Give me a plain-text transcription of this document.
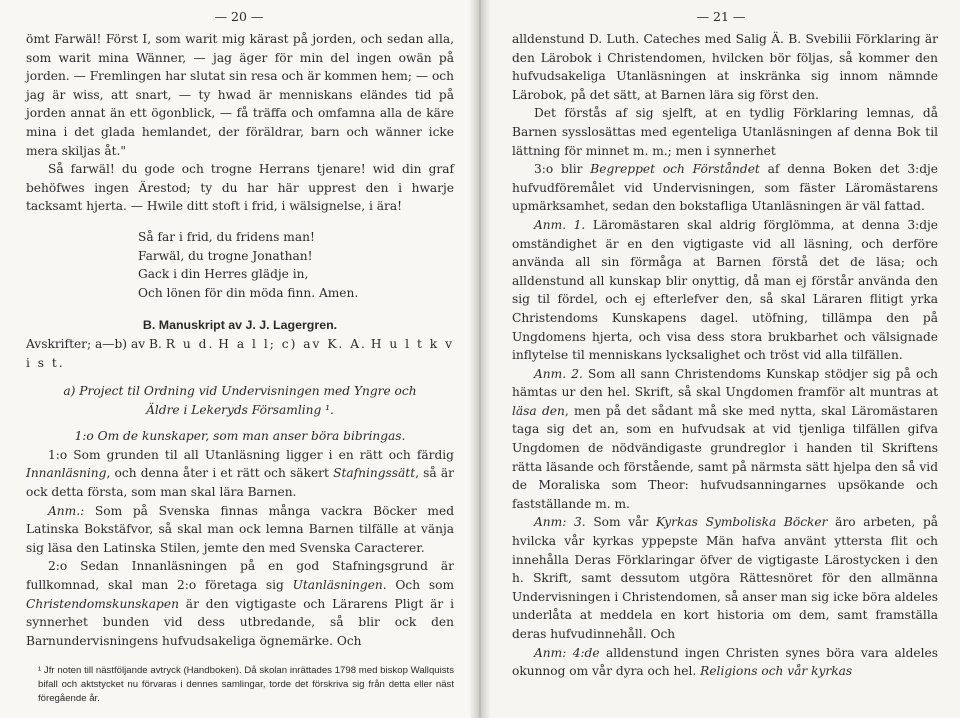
— 20 —

ömt Farwäl! Först I, som warit mig kärast på jorden, och sedan alla, som warit mina Wänner, — jag äger för min del ingen owän på jorden. — Fremlingen har slutat sin resa och är kommen hem; — och jag är wiss, att snart, — ty hwad är menniskans eländes tid på jorden annat än ett ögonblick, — få träffa och omfamna alla de käre mina i det glada hemlandet, der föräldrar, barn och wänner icke mera skiljas åt."

Så farwäl! du gode och trogne Herrans tjenare! wid din graf behöfwes ingen Ärestod; ty du har här upprest den i hwarje tacksamt hjerta. — Hwile ditt stoft i frid, i wälsignelse, i ära!

Så far i frid, du fridens man!
Farwäl, du trogne Jonathan!
Gack i din Herres glädje in,
Och lönen för din möda finn. Amen.
B. Manuskript av J. J. Lagergren.

Avskrifter; a—b) av B. R u d. H a l l; c) av K. A. H u l t k v i s t.

a) Project til Ordning vid Undervisningen med Yngre och
Äldre i Lekeryds Församling ¹.
1:o Om de kunskaper, som man anser böra bibringas.

1:o Som grunden til all Utanläsning ligger i en rätt och färdig Innanläsning, och denna åter i et rätt och säkert Stafningssätt, så är ock detta första, som man skal lära Barnen.

Anm.: Som på Svenska finnas många vackra Böcker med Latinska Bokstäfvor, så skal man ock lemna Barnen tilfälle at vänja sig läsa den Latinska Stilen, jemte den med Svenska Caracterer.

2:o Sedan Innanläsningen på en god Stafningsgrund är fullkomnad, skal man 2:o företaga sig Utanläsningen. Och som Christendomskunskapen är den vigtigaste och Lärarens Pligt är i synnerhet bunden vid dess utbredande, så blir ock den Barnundervisningens hufvudsakeliga ögnemärke. Och

¹ Jfr noten till nästföljande avtryck (Handboken). Då skolan inrättades 1798 med biskop Wallquists bifall och aktstycket nu förvaras i dennes samlingar, torde det förskriva sig från detta eller näst föregående år.
— 21 —

alldenstund D. Luth. Cateches med Salig Ä. B. Svebilii Förklaring är den Lärobok i Christendomen, hvilcken bör följas, så kommer den hufvudsakeliga Utanläsningen at inskränka sig innom nämnde Lärobok, på det sätt, at Barnen lära sig först den.

Det förstås af sig sjelft, at en tydlig Förklaring lemnas, då Barnen sysslosättas med egenteliga Utanläsningen af denna Bok til lättning för minnet m. m.; men i synnerhet

3:o blir Begreppet och Förståndet af denna Boken det 3:dje hufvudföremålet vid Undervisningen, som fäster Läromästarens upmärksamhet, sedan den bokstafliga Utanläsningen är väl fattad.

Anm. 1. Läromästaren skal aldrig förglömma, at denna 3:dje omständighet är en den vigtigaste vid all läsning, och derföre använda all sin förmåga at Barnen förstå det de läsa; och alldenstund all kunskap blir onyttig, då man ej förstår använda den sig til fördel, och ej efterlefver den, så skal Läraren flitigt yrka Christendoms Kunskapens dagel. utöfning, tillämpa den på Ungdomens hjerta, och visa dess stora brukbarhet och välsignade inflytelse til menniskans lycksalighet och tröst vid alla tilfällen.

Anm. 2. Som all sann Christendoms Kunskap stödjer sig på och hämtas ur den hel. Skrift, så skal Ungdomen framför alt muntras at läsa den, men på det sådant må ske med nytta, skal Läromästaren taga sig det an, som en hufvudsak at vid tjenliga tilfällen gifva Ungdomen de nödvändigaste grundreglor i handen til Skriftens rätta läsande och förstående, samt på närmsta sätt hjelpa den så vid de Moraliska som Theor: hufvudsanningarnes upsökande och fastställande m. m.

Anm: 3. Som vår Kyrkas Symboliska Böcker äro arbeten, på hvilcka vår kyrkas yppерste Män hafva använt yttersta flit och innehålla Deras Förklaringar öfver de vigtigaste Lärostycken i den h. Skrift, samt dessutom utgöra Rättesnöret för den allmänna Undervisningen i Christendomen, så anser man sig icke böra aldeles underlåta at meddela en kort historia om dem, samt framställa deras hufvudinnehåll. Och

Anm: 4:de alldenstund ingen Christen synes böra vara aldeles okunnog om vår dyra och hel. Religions och vår kyrkas
